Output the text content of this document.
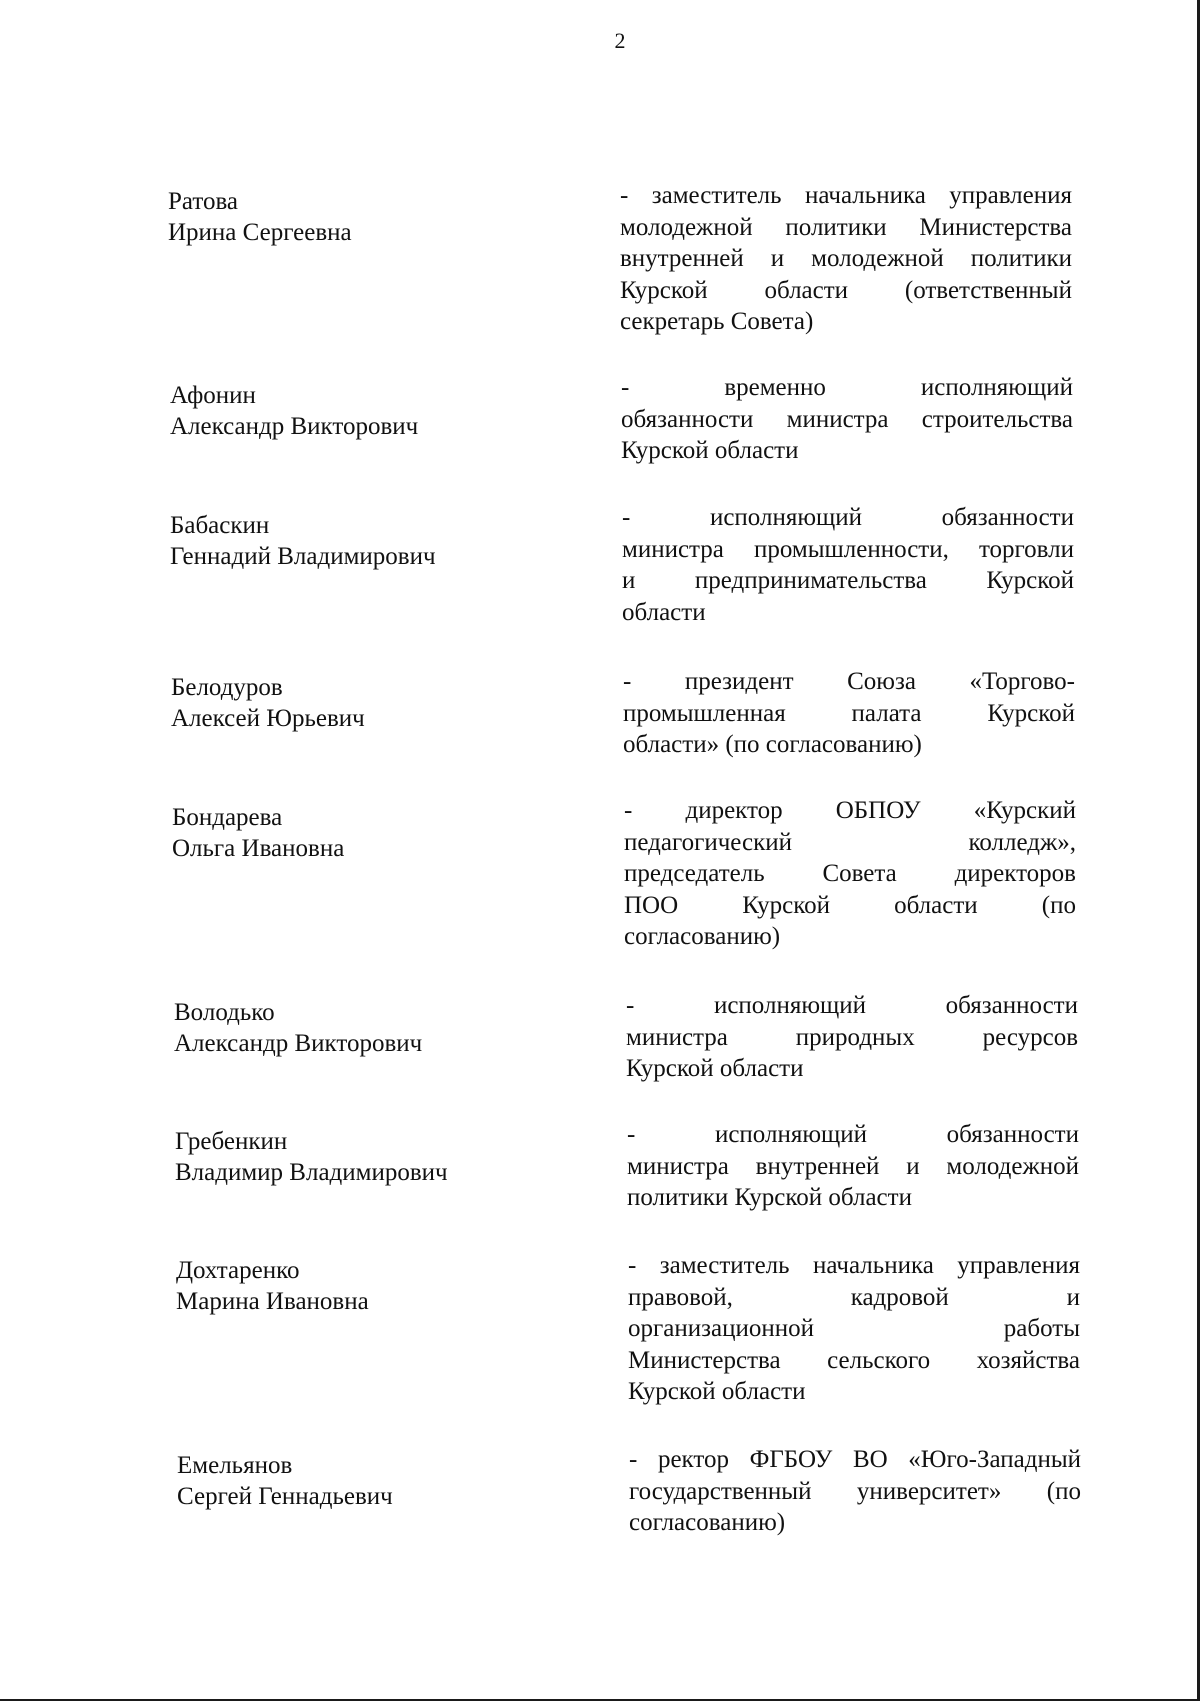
2
Ратова
Ирина Сергеевна
- заместитель начальника управления
молодежной политики Министерства
внутренней и молодежной политики
Курской области (ответственный
секретарь Совета)
Афонин
Александр Викторович
- временно исполняющий
обязанности министра строительства
Курской области
Бабаскин
Геннадий Владимирович
- исполняющий обязанности
министра промышленности, торговли
и предпринимательства Курской
области
Белодуров
Алексей Юрьевич
- президент Союза «Торгово-
промышленная палата Курской
области» (по согласованию)
Бондарева
Ольга Ивановна
- директор ОБПОУ «Курский
педагогический колледж»,
председатель Совета директоров
ПОО Курской области (по
согласованию)
Володько
Александр Викторович
- исполняющий обязанности
министра природных ресурсов
Курской области
Гребенкин
Владимир Владимирович
- исполняющий обязанности
министра внутренней и молодежной
политики Курской области
Дохтаренко
Марина Ивановна
- заместитель начальника управления
правовой, кадровой и
организационной работы
Министерства сельского хозяйства
Курской области
Емельянов
Сергей Геннадьевич
- ректор ФГБОУ ВО «Юго-Западный
государственный университет» (по
согласованию)
